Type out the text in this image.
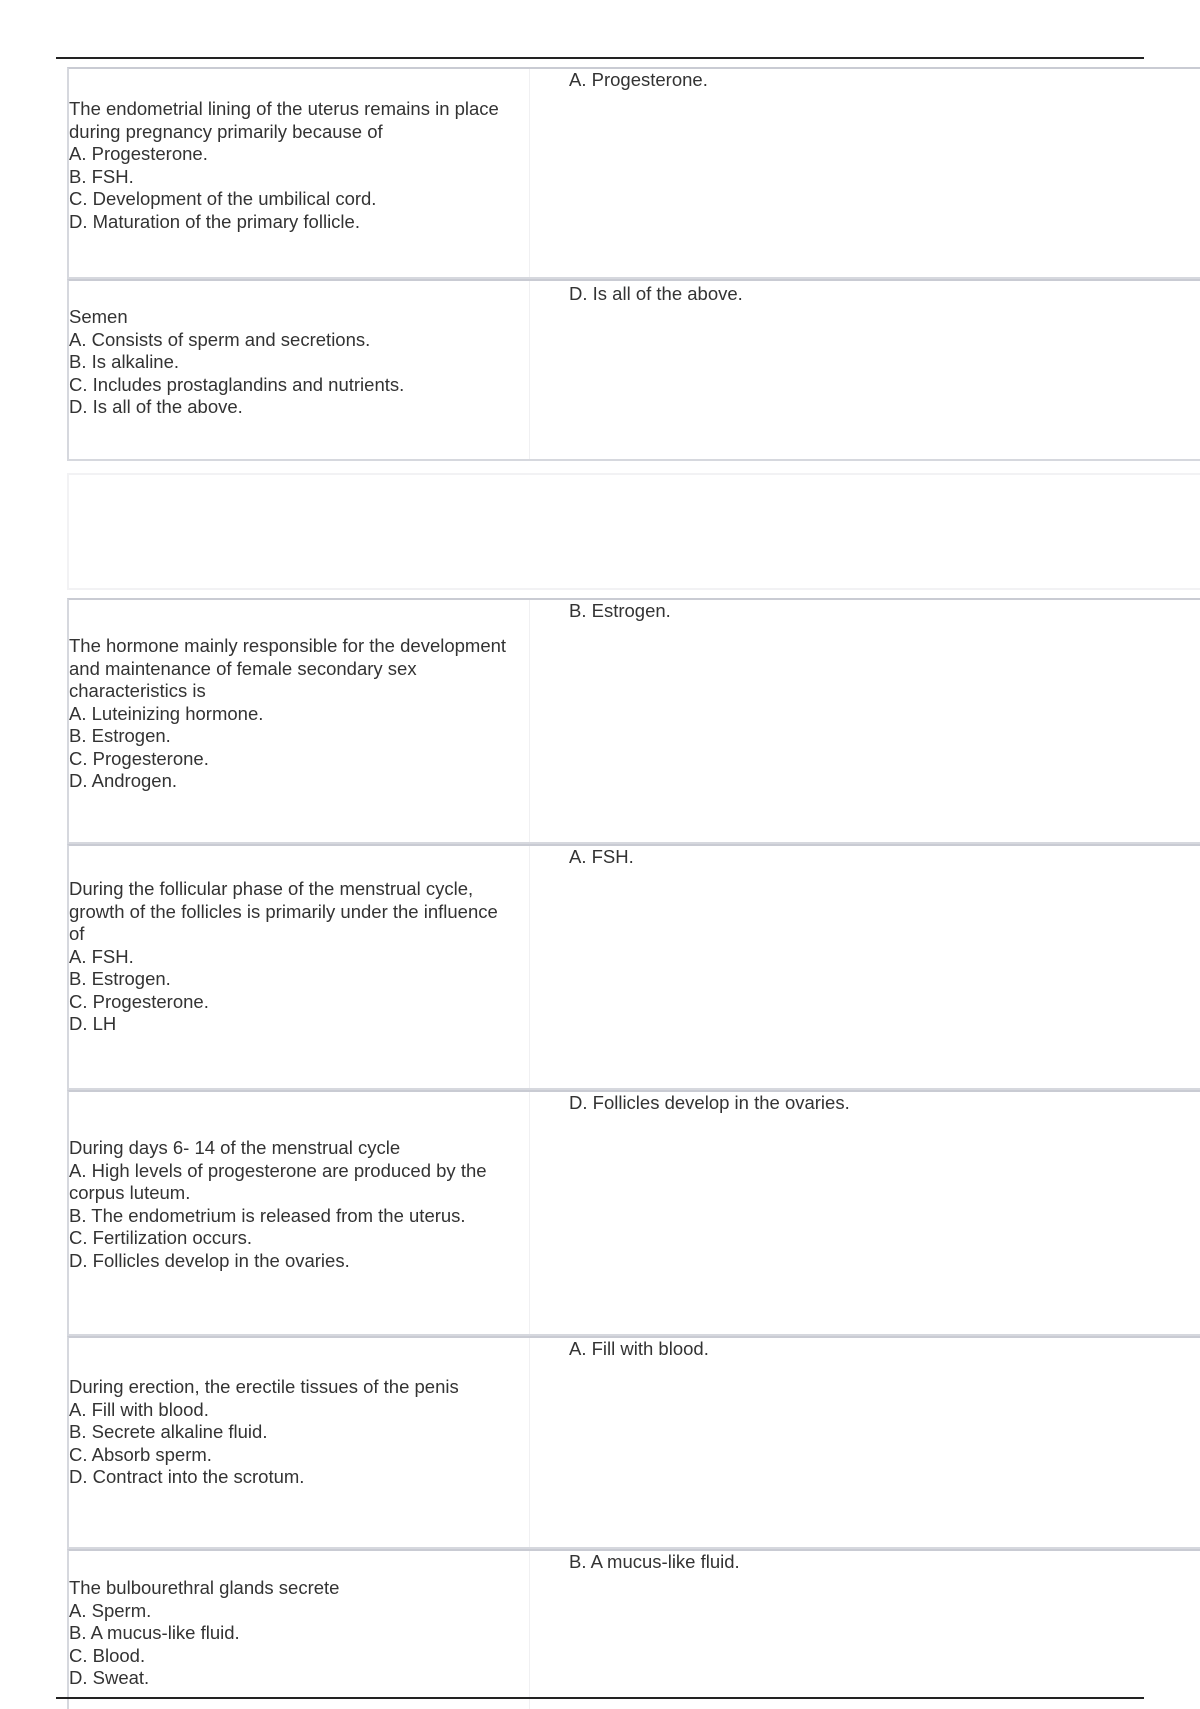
The endometrial lining of the uterus remains in place during pregnancy primarily because of
A. Progesterone.
B. FSH.
C. Development of the umbilical cord.
D. Maturation of the primary follicle.
A. Progesterone.
Semen
A. Consists of sperm and secretions.
B. Is alkaline.
C. Includes prostaglandins and nutrients.
D. Is all of the above.
D. Is all of the above.
The hormone mainly responsible for the development and maintenance of female secondary sex characteristics is
A. Luteinizing hormone.
B. Estrogen.
C. Progesterone.
D. Androgen.
B. Estrogen.
During the follicular phase of the menstrual cycle, growth of the follicles is primarily under the influence of
A. FSH.
B. Estrogen.
C. Progesterone.
D. LH
A. FSH.
During days 6- 14 of the menstrual cycle
A. High levels of progesterone are produced by the corpus luteum.
B. The endometrium is released from the uterus.
C. Fertilization occurs.
D. Follicles develop in the ovaries.
D. Follicles develop in the ovaries.
During erection, the erectile tissues of the penis
A. Fill with blood.
B. Secrete alkaline fluid.
C. Absorb sperm.
D. Contract into the scrotum.
A. Fill with blood.
The bulbourethral glands secrete
A. Sperm.
B. A mucus-like fluid.
C. Blood.
D. Sweat.
B. A mucus-like fluid.
